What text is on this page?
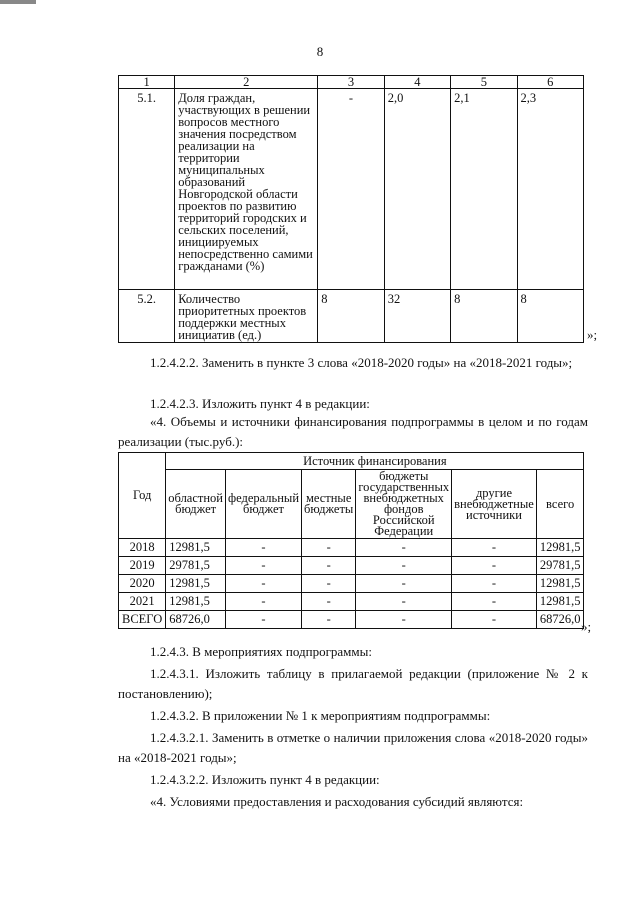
8
1	2	3	4	5	6
5.1.	Доля граждан, участвующих в решении вопросов местного значения посредством реализации на территории муниципальных образований Новгородской области проектов по развитию территорий городских и сельских поселений, инициируемых непосредственно самими гражданами (%)	-	2,0	2,1	2,3
5.2.	Количество приоритетных проектов поддержки местных инициатив (ед.)	8	32	8	8
»;
1.2.4.2.2. Заменить в пункте 3 слова «2018-2020 годы» на «2018-2021 годы»;
1.2.4.2.3. Изложить пункт 4 в редакции:
«4. Объемы и источники финансирования подпрограммы в целом и по годам реализации (тыс.руб.):
Год	Источник финансирования					
	областной бюджет	федеральный бюджет	местные бюджеты	бюджеты государственных внебюджетных фондов Российской Федерации	другие внебюджетные источники	всего
2018	12981,5	-	-	-	-	12981,5
2019	29781,5	-	-	-	-	29781,5
2020	12981,5	-	-	-	-	12981,5
2021	12981,5	-	-	-	-	12981,5
ВСЕГО	68726,0	-	-	-	-	68726,0 »;
1.2.4.3. В мероприятиях подпрограммы:
1.2.4.3.1. Изложить таблицу в прилагаемой редакции (приложение № 2 к постановлению);
1.2.4.3.2. В приложении № 1 к мероприятиям подпрограммы:
1.2.4.3.2.1. Заменить в отметке о наличии приложения слова «2018-2020 годы» на «2018-2021 годы»;
1.2.4.3.2.2. Изложить пункт 4 в редакции:
«4. Условиями предоставления и расходования субсидий являются:
